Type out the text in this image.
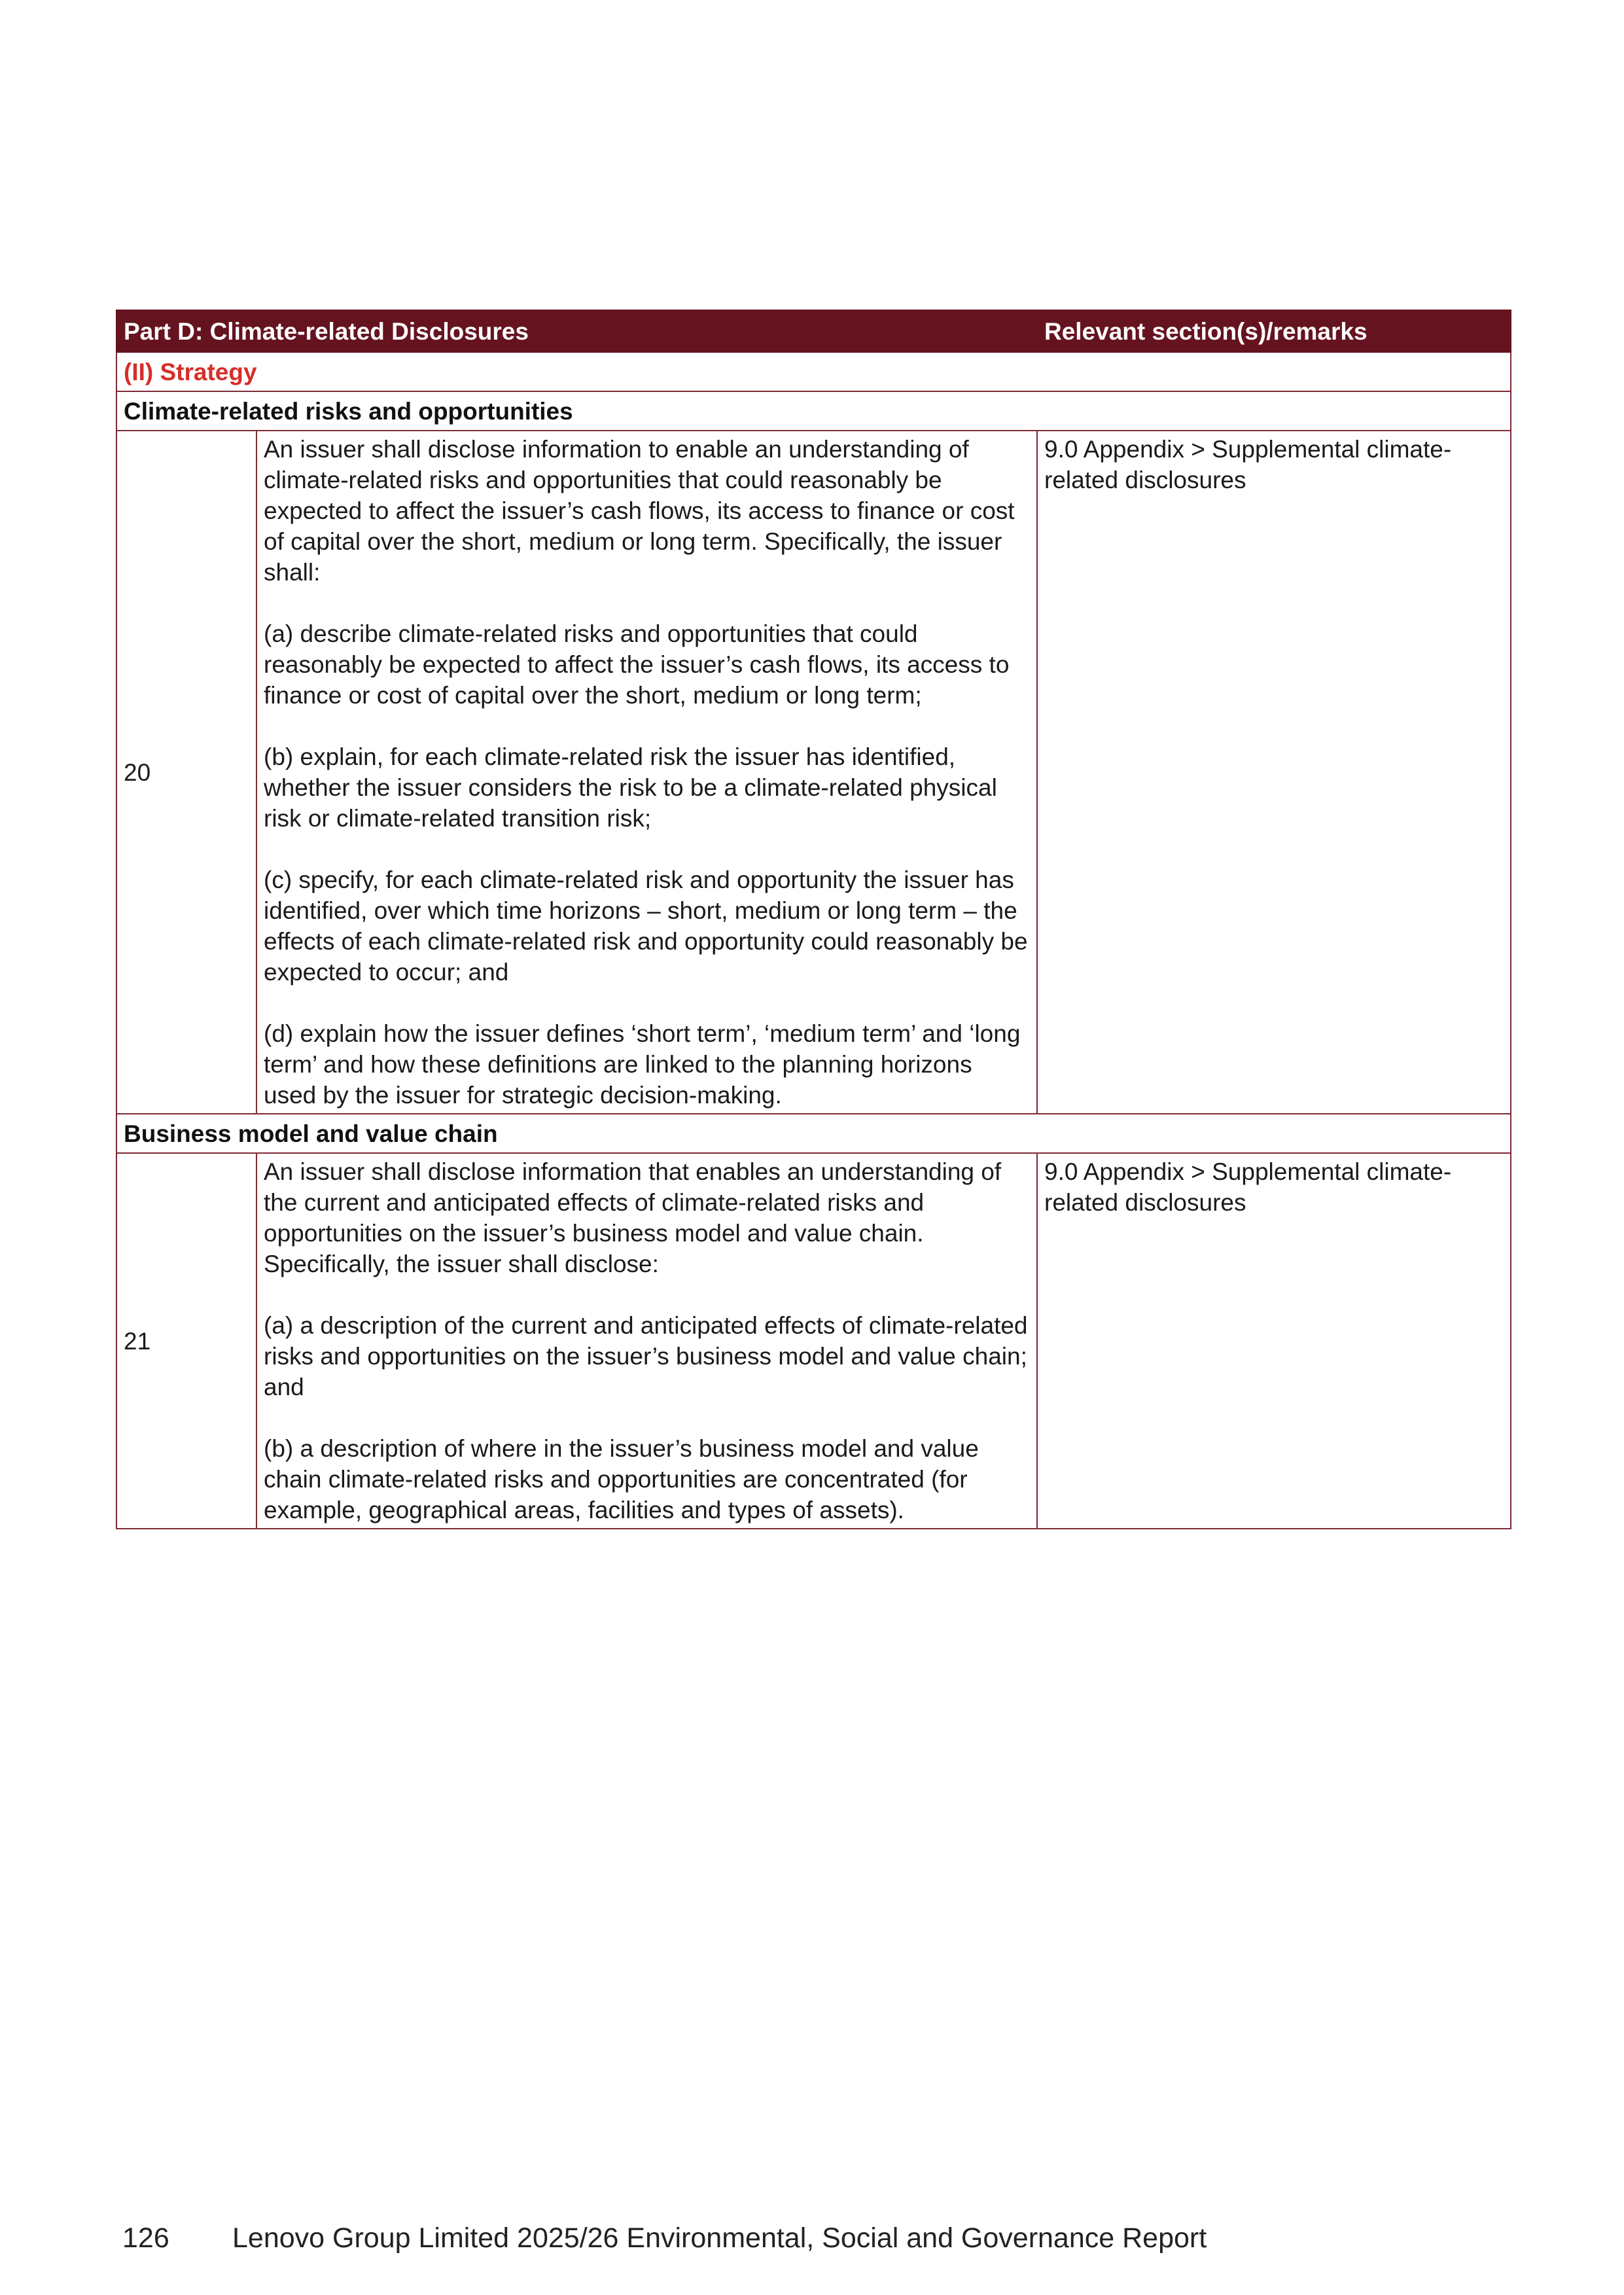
Part D: Climate-related Disclosures		Relevant section(s)/remarks
(II) Strategy		
Climate-related risks and opportunities		
20	An issuer shall disclose information to enable an understanding of climate-related risks and opportunities that could reasonably be expected to affect the issuer’s cash flows, its access to finance or cost of capital over the short, medium or long term. Specifically, the issuer shall:

(a) describe climate-related risks and opportunities that could reasonably be expected to affect the issuer’s cash flows, its access to finance or cost of capital over the short, medium or long term;

(b) explain, for each climate-related risk the issuer has identified, whether the issuer considers the risk to be a climate-related physical risk or climate-related transition risk;

(c) specify, for each climate-related risk and opportunity the issuer has identified, over which time horizons – short, medium or long term – the effects of each climate-related risk and opportunity could reasonably be expected to occur; and

(d) explain how the issuer defines ‘short term’, ‘medium term’ and ‘long term’ and how these definitions are linked to the planning horizons used by the issuer for strategic decision-making.	9.0 Appendix > Supplemental climate-related disclosures
Business model and value chain		
21	An issuer shall disclose information that enables an understanding of the current and anticipated effects of climate-related risks and opportunities on the issuer’s business model and value chain. Specifically, the issuer shall disclose:

(a) a description of the current and anticipated effects of climate-related risks and opportunities on the issuer’s business model and value chain; and

(b) a description of where in the issuer’s business model and value chain climate-related risks and opportunities are concentrated (for example, geographical areas, facilities and types of assets).	9.0 Appendix > Supplemental climate-related disclosures
126 Lenovo Group Limited 2025/26 Environmental, Social and Governance Report
